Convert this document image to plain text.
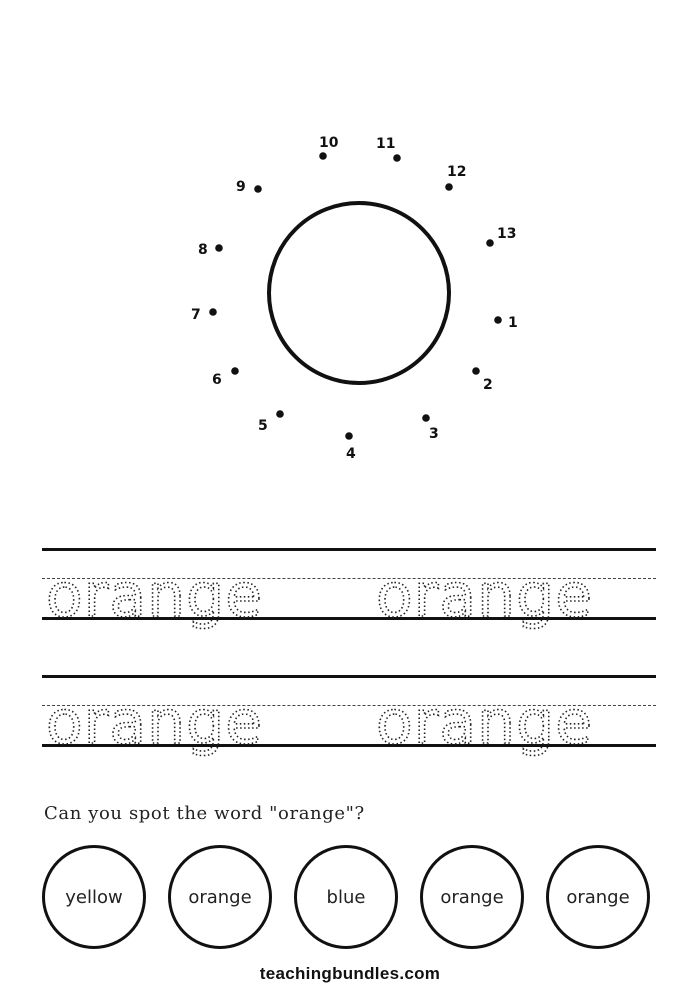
1
2
3
4
5
6
7
8
9
10	11
12
13
orange orange
orange orange
Can you spot the word "orange"?
yellow	orange	blue	orange	orange
teachingbundles.com
